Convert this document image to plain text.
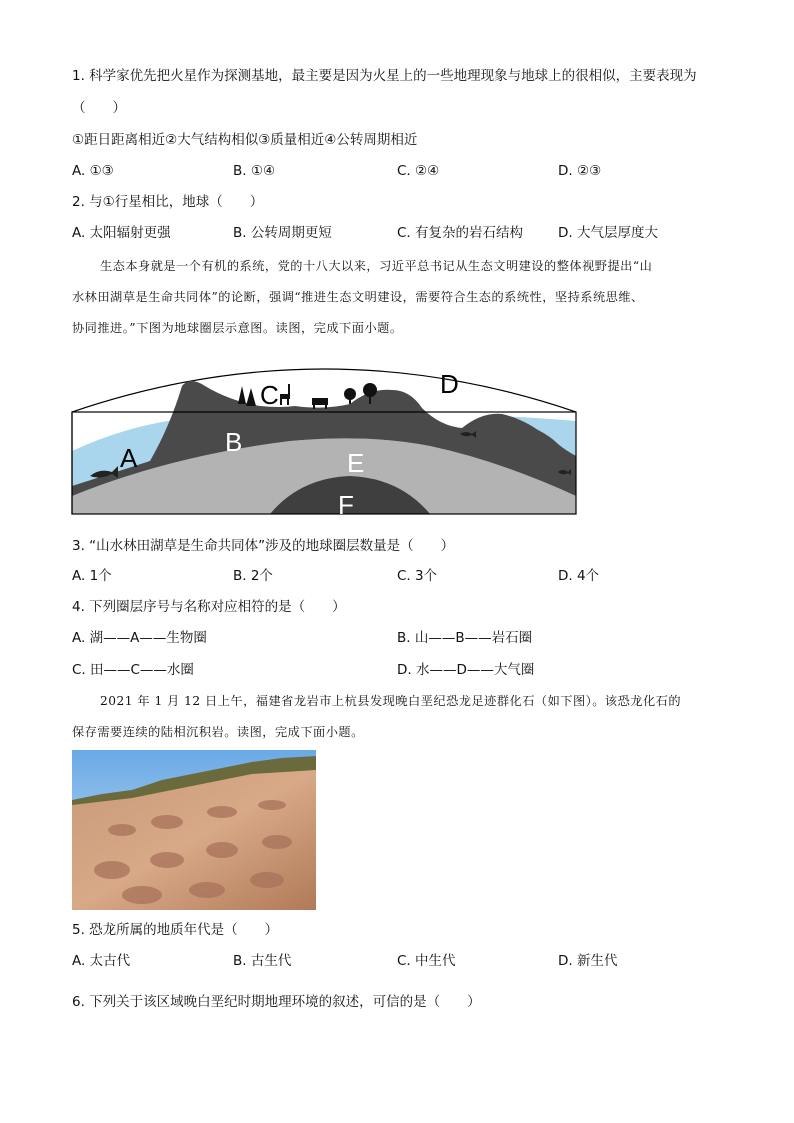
1. 科学家优先把火星作为探测基地，最主要是因为火星上的一些地理现象与地球上的很相似，主要表现为
（　　）
①距日距离相近②大气结构相似③质量相近④公转周期相近
A. ①③	B. ①④	C. ②④	D. ②③
2. 与①行星相比，地球（　　）
A. 太阳辐射更强	B. 公转周期更短	C. 有复杂的岩石结构	D. 大气层厚度大
生态本身就是一个有机的系统，党的十八大以来，习近平总书记从生态文明建设的整体视野提出“山
水林田湖草是生命共同体”的论断，强调“推进生态文明建设，需要符合生态的系统性，坚持系统思维、
协同推进。”下图为地球圈层示意图。读图，完成下面小题。
A
B
C	D
E
F
3. “山水林田湖草是生命共同体”涉及的地球圈层数量是（　　）
A. 1个	B. 2个	C. 3个	D. 4个
4. 下列圈层序号与名称对应相符的是（　　）
A. 湖——A——生物圈	B. 山——B——岩石圈
C. 田——C——水圈	D. 水——D——大气圈
2021 年 1 月 12 日上午，福建省龙岩市上杭县发现晚白垩纪恐龙足迹群化石（如下图）。该恐龙化石的
保存需要连续的陆相沉积岩。读图，完成下面小题。
5. 恐龙所属的地质年代是（　　）
A. 太古代	B. 古生代	C. 中生代	D. 新生代
6. 下列关于该区域晚白垩纪时期地理环境的叙述，可信的是（　　）
